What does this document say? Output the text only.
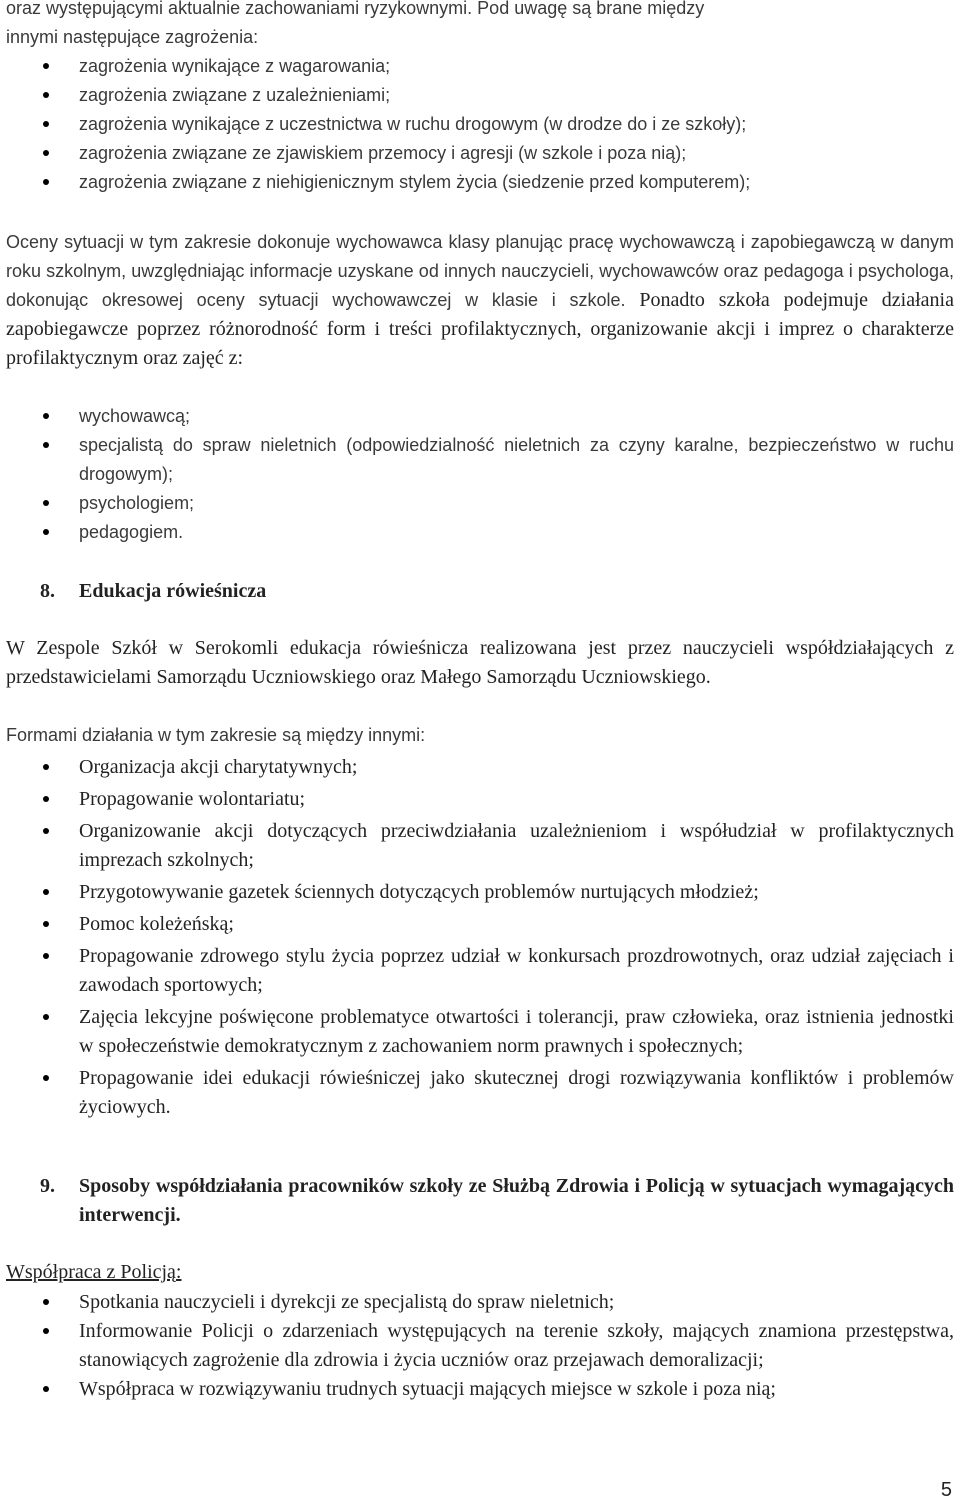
oraz występującymi aktualnie zachowaniami ryzykownymi. Pod uwagę są brane między
innymi następujące zagrożenia:
zagrożenia wynikające z wagarowania;
zagrożenia związane z uzależnieniami;
zagrożenia wynikające z uczestnictwa w ruchu drogowym (w drodze do i ze szkoły);
zagrożenia związane ze zjawiskiem przemocy i agresji (w szkole i poza nią);
zagrożenia związane z niehigienicznym stylem życia (siedzenie przed komputerem);
Oceny sytuacji w tym zakresie dokonuje wychowawca klasy planując pracę wychowawczą i zapobiegawczą w danym roku szkolnym, uwzględniając informacje uzyskane od innych nauczycieli, wychowawców oraz pedagoga i psychologa, dokonując okresowej oceny sytuacji wychowawczej w klasie i szkole. Ponadto szkoła podejmuje działania zapobiegawcze poprzez różnorodność form i treści profilaktycznych, organizowanie akcji i imprez o charakterze profilaktycznym oraz zajęć z:
wychowawcą;
specjalistą do spraw nieletnich (odpowiedzialność nieletnich za czyny karalne, bezpieczeństwo w ruchu drogowym);
psychologiem;
pedagogiem.
8. Edukacja rówieśnicza
W Zespole Szkół w Serokomli edukacja rówieśnicza realizowana jest przez nauczycieli współdziałających z przedstawicielami Samorządu Uczniowskiego oraz Małego Samorządu Uczniowskiego.
Formami działania w tym zakresie są między innymi:
Organizacja akcji charytatywnych;
Propagowanie wolontariatu;
Organizowanie akcji dotyczących przeciwdziałania uzależnieniom i współudział w profilaktycznych imprezach szkolnych;
Przygotowywanie gazetek ściennych dotyczących problemów nurtujących młodzież;
Pomoc koleżeńską;
Propagowanie zdrowego stylu życia poprzez udział w konkursach prozdrowotnych, oraz udział zajęciach i zawodach sportowych;
Zajęcia lekcyjne poświęcone problematyce otwartości i tolerancji, praw człowieka, oraz istnienia jednostki w społeczeństwie demokratycznym z zachowaniem norm prawnych i społecznych;
Propagowanie idei edukacji rówieśniczej jako skutecznej drogi rozwiązywania konfliktów i problemów życiowych.
9. Sposoby współdziałania pracowników szkoły ze Służbą Zdrowia i Policją w sytuacjach wymagających interwencji.
Współpraca z Policją:
Spotkania nauczycieli i dyrekcji ze specjalistą do spraw nieletnich;
Informowanie Policji o zdarzeniach występujących na terenie szkoły, mających znamiona przestępstwa, stanowiących zagrożenie dla zdrowia i życia uczniów oraz przejawach demoralizacji;
Współpraca w rozwiązywaniu trudnych sytuacji mających miejsce w szkole i poza nią;
5
